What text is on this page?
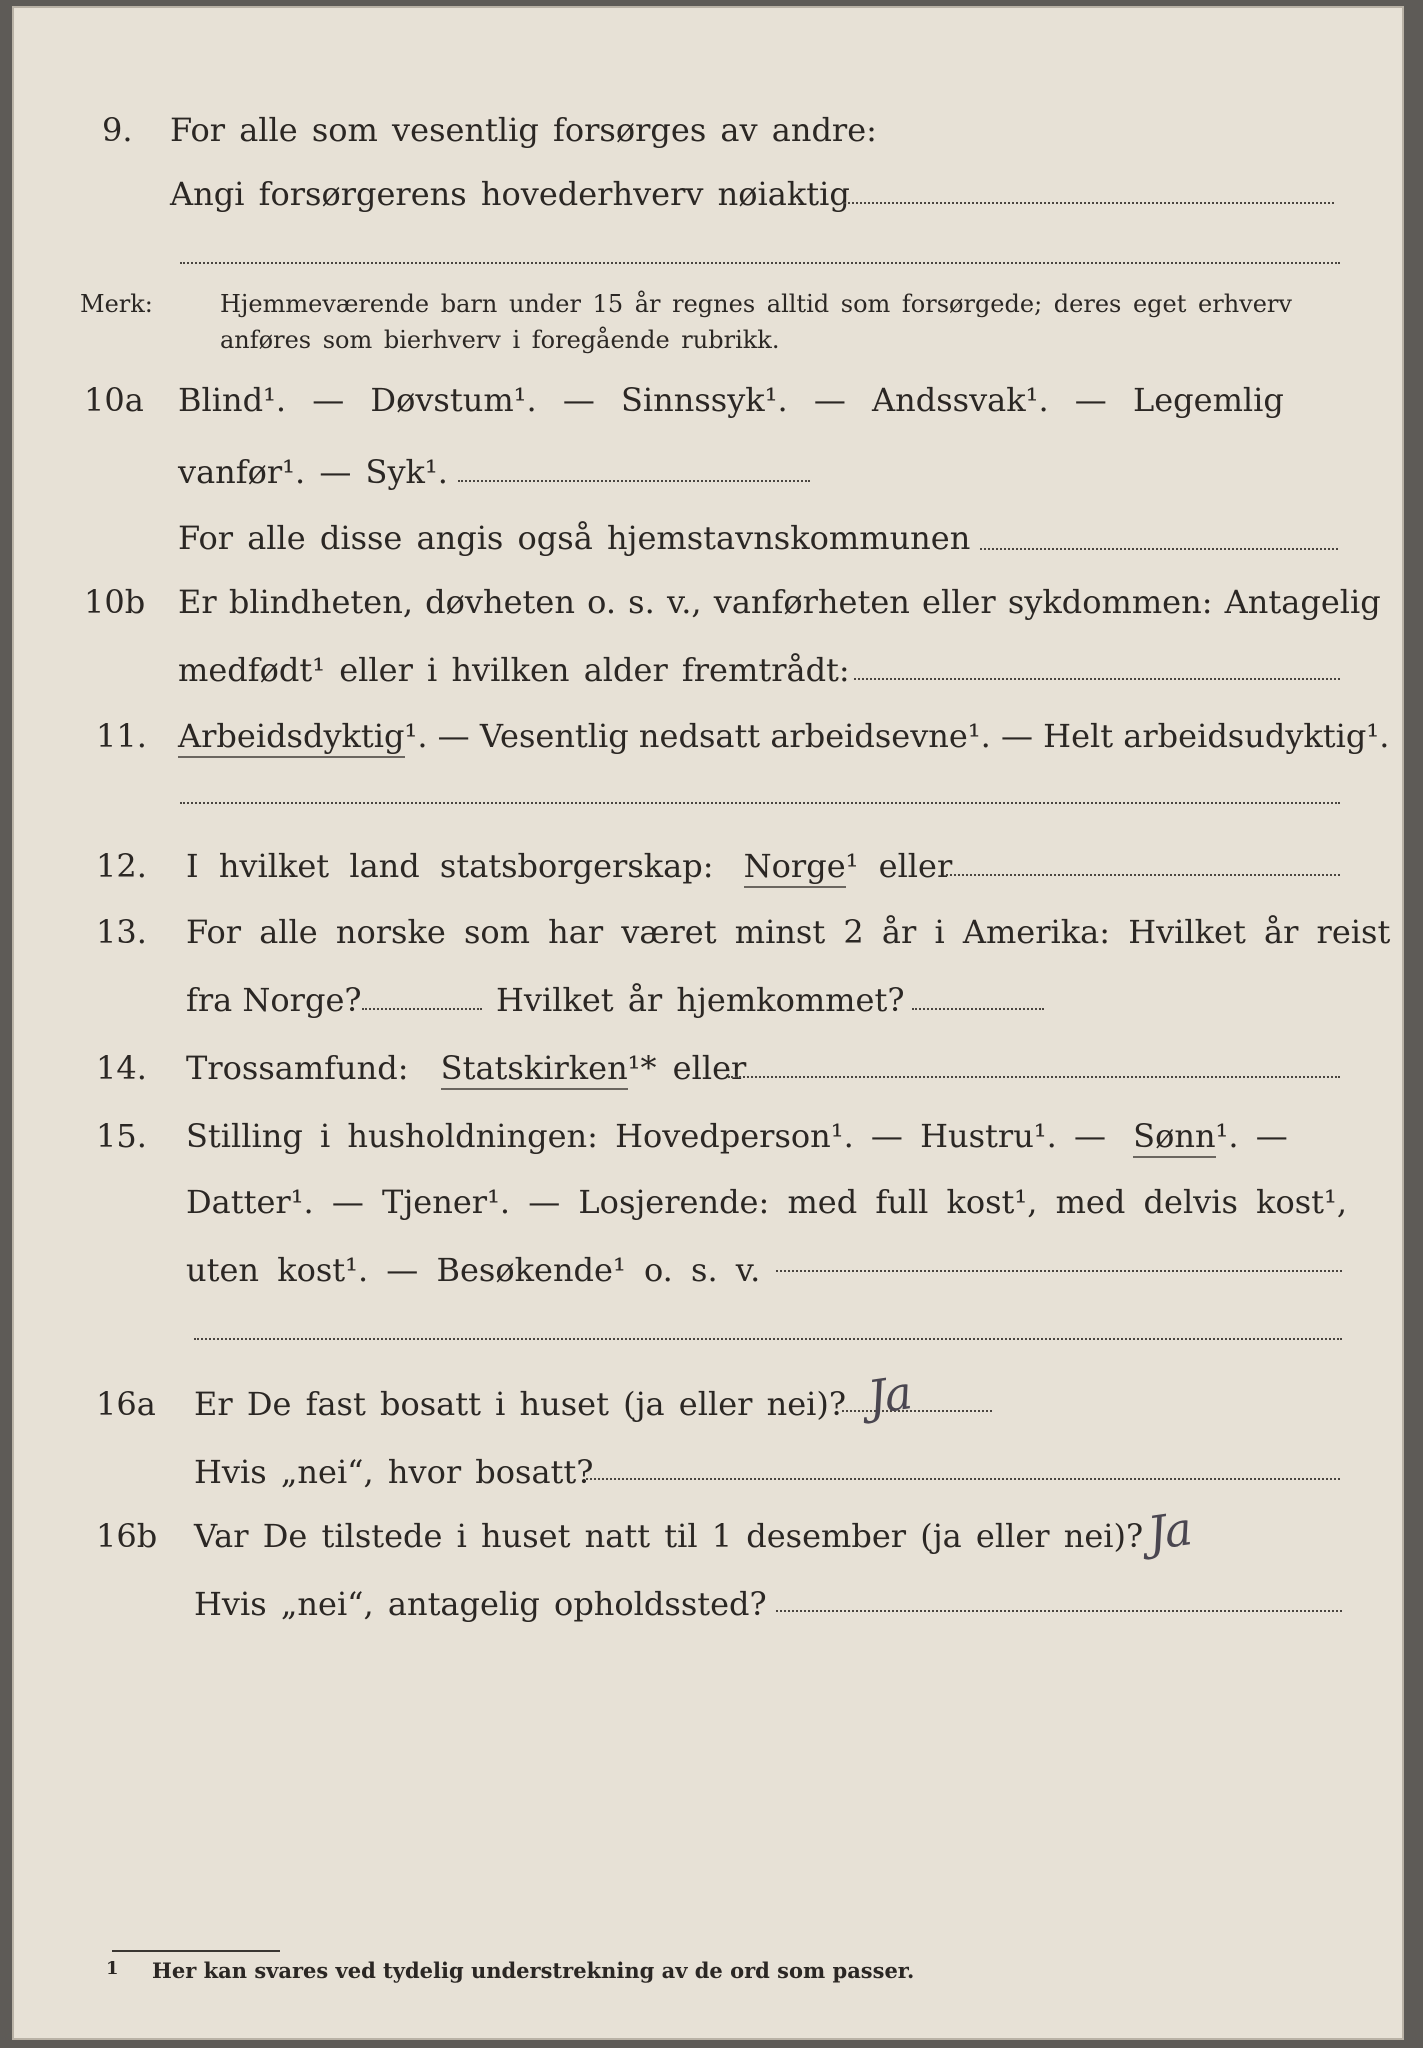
9. For alle som vesentlig forsørges av andre:
Angi forsørgerens hovederhverv nøiaktig
Merk:	Hjemmeværende barn under 15 år regnes alltid som forsørgede; deres eget erhverv
anføres som bierhverv i foregående rubrikk.
10a Blind¹. — Døvstum¹. — Sinnssyk¹. — Andssvak¹. — Legemlig
vanfør¹. — Syk¹.
For alle disse angis også hjemstavnskommunen
10b Er blindheten, døvheten o. s. v., vanførheten eller sykdommen: Antagelig
medfødt¹ eller i hvilken alder fremtrådt:
11. Arbeidsdyktig¹. — Vesentlig nedsatt arbeidsevne¹. — Helt arbeidsudyktig¹.
12. I hvilket land statsborgerskap: Norge¹ eller
13. For alle norske som har været minst 2 år i Amerika: Hvilket år reist
fra Norge?	Hvilket år hjemkommet?
14. Trossamfund: Statskirken¹* eller
15. Stilling i husholdningen: Hovedperson¹. — Hustru¹. — Sønn¹. —
Datter¹. — Tjener¹. — Losjerende: med full kost¹, med delvis kost¹,
uten kost¹. — Besøkende¹ o. s. v.
16a Er De fast bosatt i huset (ja eller nei)? Ja
Hvis „nei“, hvor bosatt?
16b Var De tilstede i huset natt til 1 desember (ja eller nei)? Ja
Hvis „nei“, antagelig opholdssted?
1 Her kan svares ved tydelig understrekning av de ord som passer.
